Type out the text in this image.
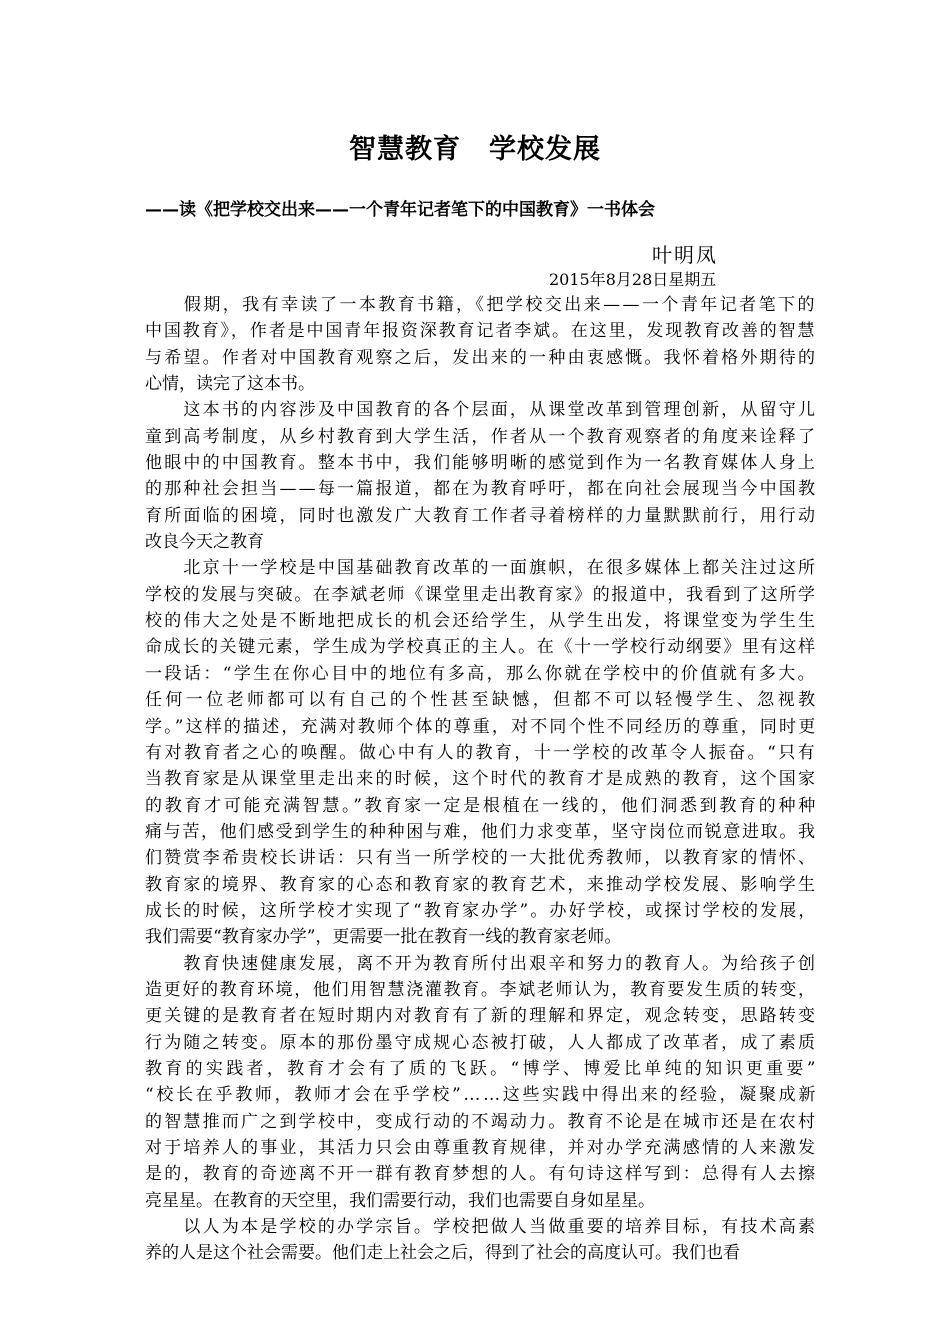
智慧教育　学校发展
——读《把学校交出来——一个青年记者笔下的中国教育》一书体会
叶明凤
2015年8月28日星期五
　　假期，我有幸读了一本教育书籍，《把学校交出来——一个青年记者笔下的
中国教育》，作者是中国青年报资深教育记者李斌。在这里，发现教育改善的智慧
与希望。作者对中国教育观察之后，发出来的一种由衷感慨。我怀着格外期待的
心情，读完了这本书。
　　这本书的内容涉及中国教育的各个层面，从课堂改革到管理创新，从留守儿
童到高考制度，从乡村教育到大学生活，作者从一个教育观察者的角度来诠释了
他眼中的中国教育。整本书中，我们能够明晰的感觉到作为一名教育媒体人身上
的那种社会担当——每一篇报道，都在为教育呼吁，都在向社会展现当今中国教
育所面临的困境，同时也激发广大教育工作者寻着榜样的力量默默前行，用行动
改良今天之教育
　　北京十一学校是中国基础教育改革的一面旗帜，在很多媒体上都关注过这所
学校的发展与突破。在李斌老师《课堂里走出教育家》的报道中，我看到了这所学
校的伟大之处是不断地把成长的机会还给学生，从学生出发，将课堂变为学生生
命成长的关键元素，学生成为学校真正的主人。在《十一学校行动纲要》里有这样
一段话：“学生在你心目中的地位有多高，那么你就在学校中的价值就有多大。
任何一位老师都可以有自己的个性甚至缺憾，但都不可以轻慢学生、忽视教
学。”这样的描述，充满对教师个体的尊重，对不同个性不同经历的尊重，同时更
有对教育者之心的唤醒。做心中有人的教育，十一学校的改革令人振奋。“只有
当教育家是从课堂里走出来的时候，这个时代的教育才是成熟的教育，这个国家
的教育才可能充满智慧。”教育家一定是根植在一线的，他们洞悉到教育的种种
痛与苦，他们感受到学生的种种困与难，他们力求变革，坚守岗位而锐意进取。我
们赞赏李希贵校长讲话：只有当一所学校的一大批优秀教师，以教育家的情怀、
教育家的境界、教育家的心态和教育家的教育艺术，来推动学校发展、影响学生
成长的时候，这所学校才实现了“教育家办学”。办好学校，或探讨学校的发展，
我们需要“教育家办学”，更需要一批在教育一线的教育家老师。
　　教育快速健康发展，离不开为教育所付出艰辛和努力的教育人。为给孩子创
造更好的教育环境，他们用智慧浇灌教育。李斌老师认为，教育要发生质的转变，
更关键的是教育者在短时期内对教育有了新的理解和界定，观念转变，思路转变
行为随之转变。原本的那份墨守成规心态被打破，人人都成了改革者，成了素质
教育的实践者，教育才会有了质的飞跃。“博学、博爱比单纯的知识更重要”
“校长在乎教师，教师才会在乎学校”……这些实践中得出来的经验，凝聚成新
的智慧推而广之到学校中，变成行动的不竭动力。教育不论是在城市还是在农村
对于培养人的事业，其活力只会由尊重教育规律，并对办学充满感情的人来激发
是的，教育的奇迹离不开一群有教育梦想的人。有句诗这样写到：总得有人去擦
亮星星。在教育的天空里，我们需要行动，我们也需要自身如星星。
　　以人为本是学校的办学宗旨。学校把做人当做重要的培养目标，有技术高素
养的人是这个社会需要。他们走上社会之后，得到了社会的高度认可。我们也看
